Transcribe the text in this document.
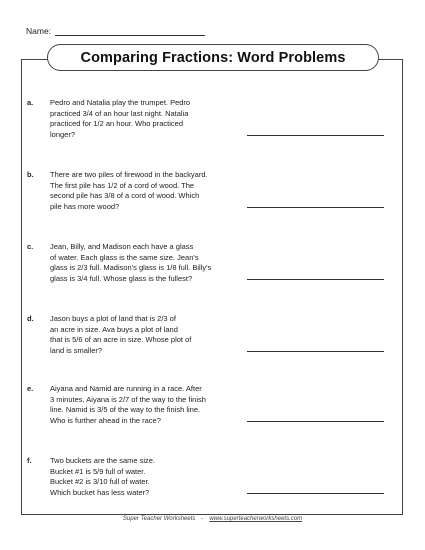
Name:
Comparing Fractions: Word Problems
a. Pedro and Natalia play the trumpet. Pedro
practiced 3/4 of an hour last night. Natalia
practiced for 1/2 an hour. Who practiced
longer?
b. There are two piles of firewood in the backyard.
The first pile has 1/2 of a cord of wood. The
second pile has 3/8 of a cord of wood. Which
pile has more wood?
c. Jean, Billy, and Madison each have a glass
of water. Each glass is the same size. Jean's
glass is 2/3 full. Madison's glass is 1/8 full. Billy's
glass is 3/4 full. Whose glass is the fullest?
d. Jason buys a plot of land that is 2/3 of
an acre in size. Ava buys a plot of land
that is 5/6 of an acre in size. Whose plot of
land is smaller?
e. Aiyana and Namid are running in a race. After
3 minutes, Aiyana is 2/7 of the way to the finish
line. Namid is 3/5 of the way to the finish line.
Who is further ahead in the race?
f. Two buckets are the same size.
Bucket #1 is 5/9 full of water.
Bucket #2 is 3/10 full of water.
Which bucket has less water?
Super Teacher Worksheets - www.superteacherworksheets.com
